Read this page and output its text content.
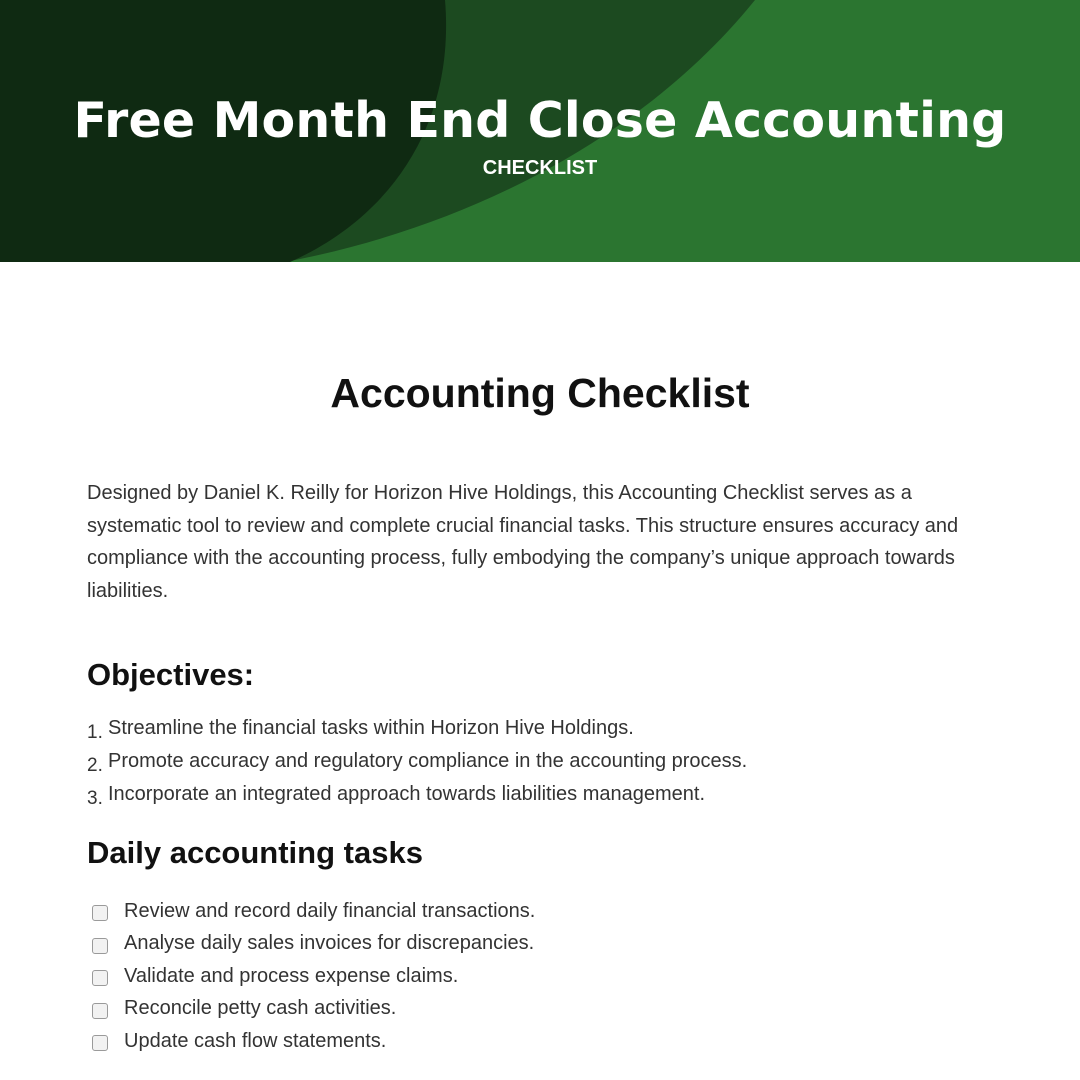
Free Month End Close Accounting
CHECKLIST
Accounting Checklist

Designed by Daniel K. Reilly for Horizon Hive Holdings, this Accounting Checklist serves as a systematic tool to review and complete crucial financial tasks. This structure ensures accuracy and compliance with the accounting process, fully embodying the company’s unique approach towards liabilities.

Objectives:
1. Streamline the financial tasks within Horizon Hive Holdings.
2. Promote accuracy and regulatory compliance in the accounting process.
3. Incorporate an integrated approach towards liabilities management.
Daily accounting tasks
Review and record daily financial transactions.
Analyse daily sales invoices for discrepancies.
Validate and process expense claims.
Reconcile petty cash activities.
Update cash flow statements.
